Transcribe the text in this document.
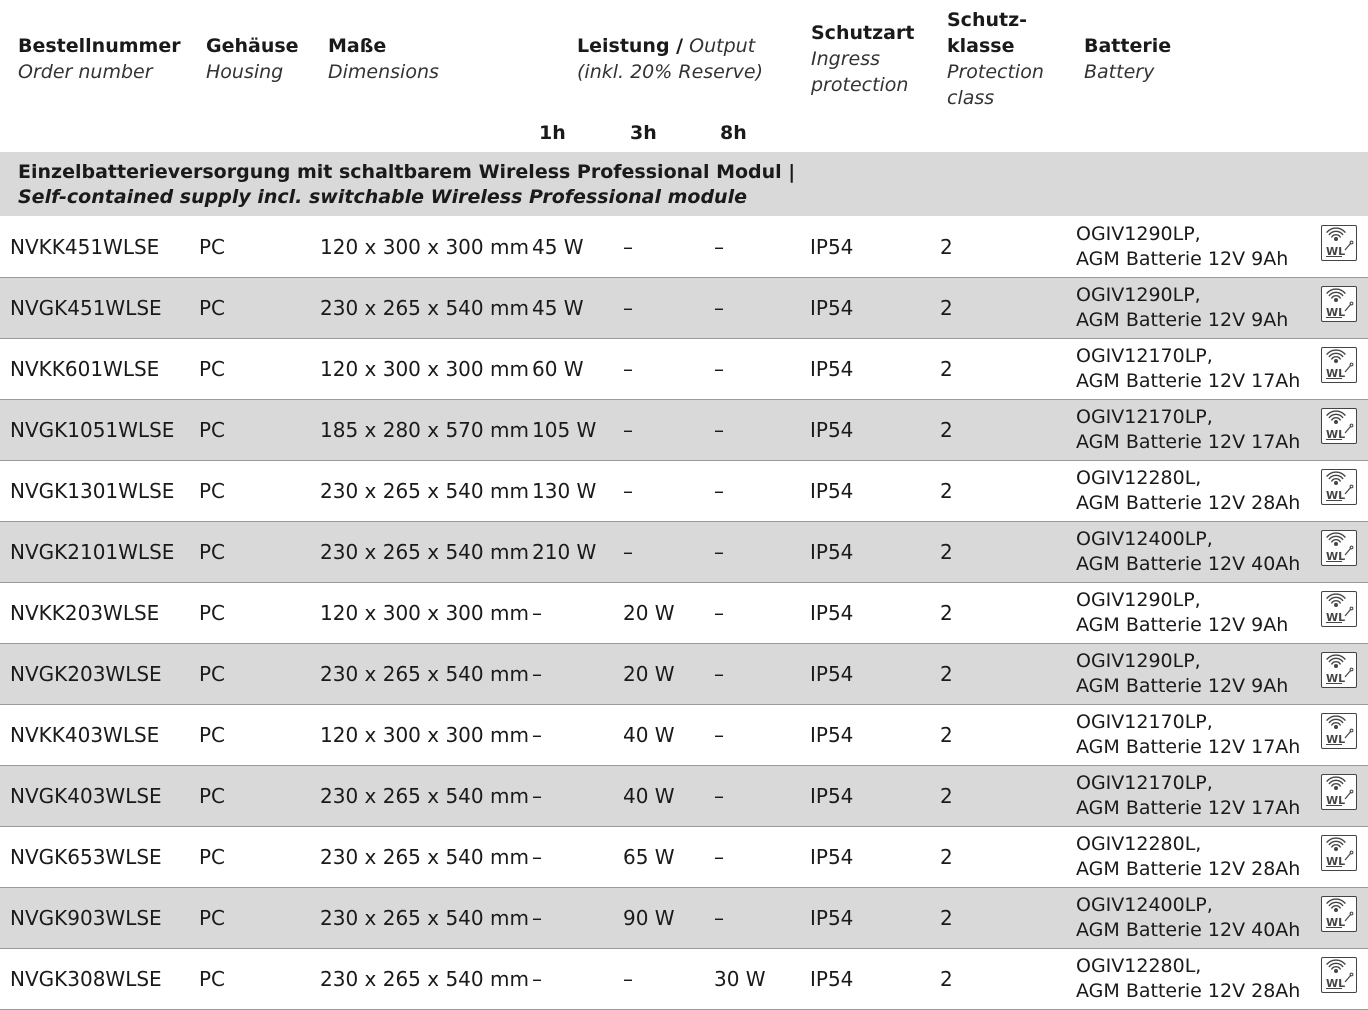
Bestellnummer
Order number
Gehäuse
Housing
Maße
Dimensions
Leistung / Output
(inkl. 20% Reserve)
Schutzart
Ingress
protection
Schutz-
klasse
Protection
class
Batterie
Battery
1h	3h	8h
Einzelbatterieversorgung mit schaltbarem Wireless Professional Modul |
Self-contained supply incl. switchable Wireless Professional module
NVKK451WLSE PC	120 x 300 x 300 mm 45 W –	–	IP54	2
OGIV1290LP,
AGM Batterie 12V 9Ah	WL
NVGK451WLSE PC	230 x 265 x 540 mm 45 W –	–	IP54	2
OGIV1290LP,
AGM Batterie 12V 9Ah	WL
NVKK601WLSE PC	120 x 300 x 300 mm 60 W –	–	IP54	2
OGIV12170LP,
AGM Batterie 12V 17Ah WL
NVGK1051WLSE PC	185 x 280 x 570 mm 105 W –	–	IP54	2
OGIV12170LP,
AGM Batterie 12V 17Ah WL
NVGK1301WLSE PC	230 x 265 x 540 mm 130 W –	–	IP54	2
OGIV12280L,
AGM Batterie 12V 28Ah WL
NVGK2101WLSE PC	230 x 265 x 540 mm 210 W –	–	IP54	2
OGIV12400LP,
AGM Batterie 12V 40Ah WL
NVKK203WLSE PC	120 x 300 x 300 mm –	20 W –	IP54	2
OGIV1290LP,
AGM Batterie 12V 9Ah	WL
NVGK203WLSE PC	230 x 265 x 540 mm –	20 W –	IP54	2
OGIV1290LP,
AGM Batterie 12V 9Ah	WL
NVKK403WLSE PC	120 x 300 x 300 mm –	40 W –	IP54	2
OGIV12170LP,
AGM Batterie 12V 17Ah WL
NVGK403WLSE PC	230 x 265 x 540 mm –	40 W –	IP54	2
OGIV12170LP,
AGM Batterie 12V 17Ah WL
NVGK653WLSE PC	230 x 265 x 540 mm –	65 W –	IP54	2
OGIV12280L,
AGM Batterie 12V 28Ah WL
NVGK903WLSE PC	230 x 265 x 540 mm –	90 W –	IP54	2
OGIV12400LP,
AGM Batterie 12V 40Ah WL
NVGK308WLSE PC	230 x 265 x 540 mm –	–	30 W IP54	2
OGIV12280L,
AGM Batterie 12V 28Ah WL
